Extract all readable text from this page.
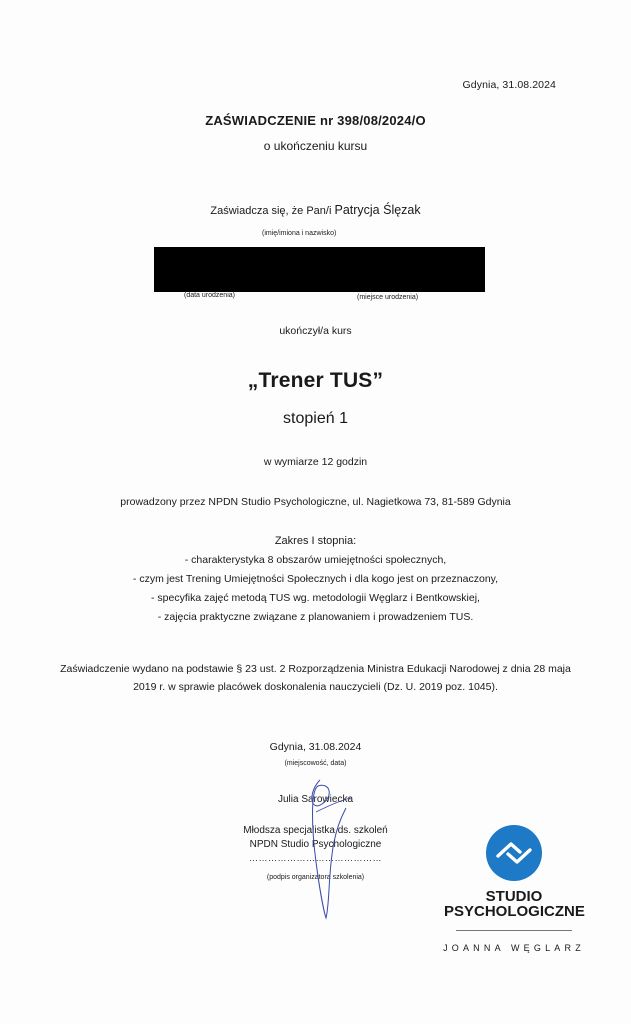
Gdynia, 31.08.2024
ZAŚWIADCZENIE nr 398/08/2024/O
o ukończeniu kursu
Zaświadcza się, że Pan/i Patrycja Ślęzak
(imię/imiona i nazwisko)
(data urodzenia)	(miejsce urodzenia)
ukończył/a kurs
„Trener TUS”
stopień 1
w wymiarze 12 godzin
prowadzony przez NPDN Studio Psychologiczne, ul. Nagietkowa 73, 81-589 Gdynia
Zakres I stopnia:
- charakterystyka 8 obszarów umiejętności społecznych,
- czym jest Trening Umiejętności Społecznych i dla kogo jest on przeznaczony,
- specyfika zajęć metodą TUS wg. metodologii Węglarz i Bentkowskiej,
- zajęcia praktyczne związane z planowaniem i prowadzeniem TUS.
Zaświadczenie wydano na podstawie § 23 ust. 2 Rozporządzenia Ministra Edukacji Narodowej z dnia 28 maja 2019 r. w sprawie placówek doskonalenia nauczycieli (Dz. U. 2019 poz. 1045).
Gdynia, 31.08.2024
(miejscowość, data)
Julia Sarowiecka
Młodsza specjalistka ds. szkoleń
NPDN Studio Psychologiczne
……………………………………
(podpis organizatora szkolenia)
STUDIO
PSYCHOLOGICZNE
JOANNA WĘGLARZ
